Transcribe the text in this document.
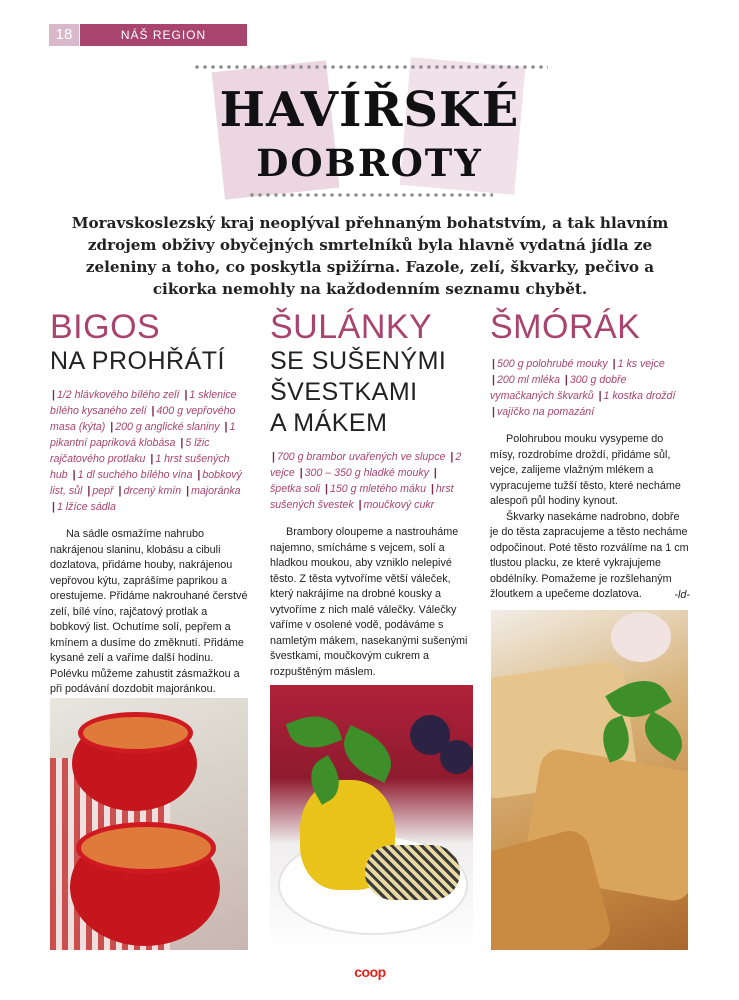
18	NÁŠ REGION
HAVÍŘSKÉ
DOBROTY
Moravskoslezský kraj neoplýval přehnaným bohatstvím, a tak hlavním zdrojem obživy obyčejných smrtelníků byla hlavně vydatná jídla ze zeleniny a toho, co poskytla spižírna. Fazole, zelí, škvarky, pečivo a cikorka nemohly na každodenním seznamu chybět.
BIGOS
NA PROHŘÁTÍ
| 1/2 hlávkového bílého zelí | 1 sklenice bílého kysaného zelí | 400 g vepřového masa (kýta) | 200 g anglické slaniny | 1 pikantní papriková klobása | 5 lžic rajčatového protlaku | 1 hrst sušených hub | 1 dl suchého bílého vína | bobkový list, sůl | pepř | drcený kmín | majoránka | 1 lžíce sádla

Na sádle osmažíme nahrubo nakrájenou slaninu, klobásu a cibuli dozlatova, přidáme houby, nakrájenou vepřovou kýtu, zaprášíme paprikou a orestujeme. Přidáme nakrouhané čerstvé zelí, bílé víno, rajčatový protlak a bobkový list. Ochutíme solí, pepřem a kmínem a dusíme do změknutí. Přidáme kysané zelí a vaříme další hodinu. Polévku můžeme zahustit zásmažkou a při podávání dozdobit majoránkou.

ŠULÁNKY
SE SUŠENÝMI
ŠVESTKAMI
A MÁKEM
| 700 g brambor uvařených ve slupce | 2 vejce | 300 – 350 g hladké mouky |špetka soli | 150 g mletého máku | hrst sušených švestek | moučkový cukr

Brambory oloupeme a nastrouháme najemno, smícháme s vejcem, solí a hladkou moukou, aby vzniklo nelepivé těsto. Z těsta vytvoříme větší váleček, který nakrájíme na drobné kousky a vytvoříme z nich malé válečky. Válečky vaříme v osolené vodě, podáváme s namletým mákem, nasekanými sušenými švestkami, moučkovým cukrem a rozpuštěným máslem.

ŠMÓRÁK
| 500 g polohrubé mouky | 1 ks vejce | 200 ml mléka | 300 g dobře vymačkaných škvarků | 1 kostka droždí | vajíčko na pomazání

Polohrubou mouku vysypeme do mísy, rozdrobíme droždí, přidáme sůl, vejce, zalijeme vlažným mlékem a vypracujeme tužší těsto, které necháme alespoň půl hodiny kynout.

Škvarky nasekáme nadrobno, dobře je do těsta zapracujeme a těsto necháme odpočinout. Poté těsto rozválíme na 1 cm tlustou placku, ze které vykrajujeme obdélníky. Pomažeme je rozšlehaným žloutkem a upečeme dozlatova.	-ld-
coop
